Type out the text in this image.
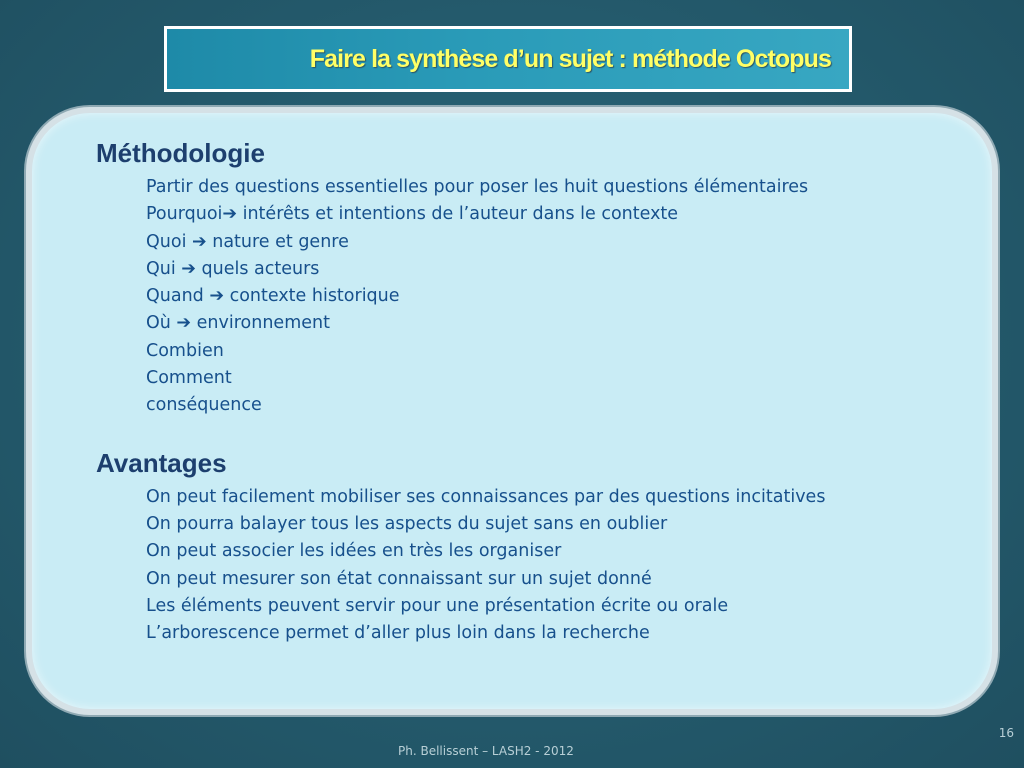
Faire la synthèse d’un sujet : méthode Octopus
Méthodologie
Partir des questions essentielles pour poser les huit questions élémentaires
Pourquoi➔ intérêts et intentions de l’auteur dans le contexte
Quoi ➔ nature et genre
Qui ➔ quels acteurs
Quand ➔ contexte historique
Où ➔ environnement
Combien
Comment
conséquence
Avantages
On peut facilement mobiliser ses connaissances par des questions incitatives
On pourra balayer tous les aspects du sujet sans en oublier
On peut associer les idées en très les organiser
On peut mesurer son état connaissant sur un sujet donné
Les éléments peuvent servir pour une présentation écrite ou orale
L’arborescence permet d’aller plus loin dans la recherche
Ph. Bellissent – LASH2 - 2012
16
